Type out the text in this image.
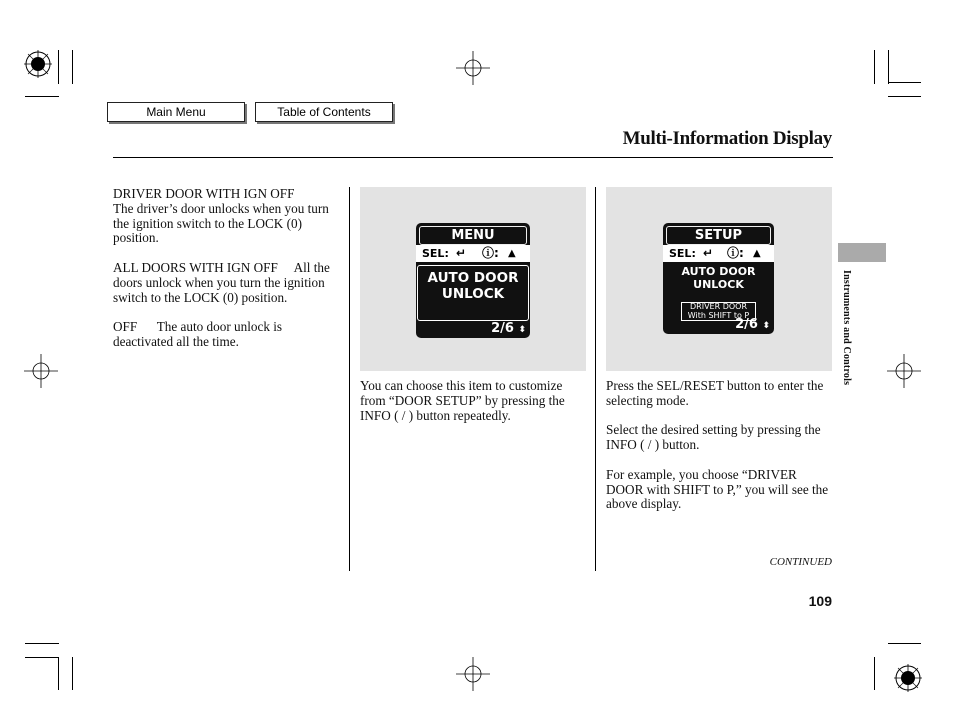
Main Menu	Table of Contents
Multi-Information Display

DRIVER DOOR WITH IGN OFF
The driver’s door unlocks when you turn the ignition switch to the LOCK (0) position.

ALL DOORS WITH IGN OFF All the doors unlock when you turn the ignition switch to the LOCK (0) position.

OFF The auto door unlock is deactivated all the time.

MENU
SEL: ↵ ⓘ: ▲

AUTO DOOR
UNLOCK
2/6 ⬍

You can choose this item to customize from “DOOR SETUP” by pressing the INFO ( / ) button repeatedly.

SETUP
SEL: ↵ ⓘ: ▲
AUTO DOOR
UNLOCK
DRIVER DOOR
With SHIFT to P
2/6 ⬍

Press the SEL/RESET button to enter the selecting mode.

Select the desired setting by pressing the INFO ( / ) button.

For example, you choose “DRIVER DOOR with SHIFT to P,” you will see the above display.

CONTINUED
109
Instruments and Controls
